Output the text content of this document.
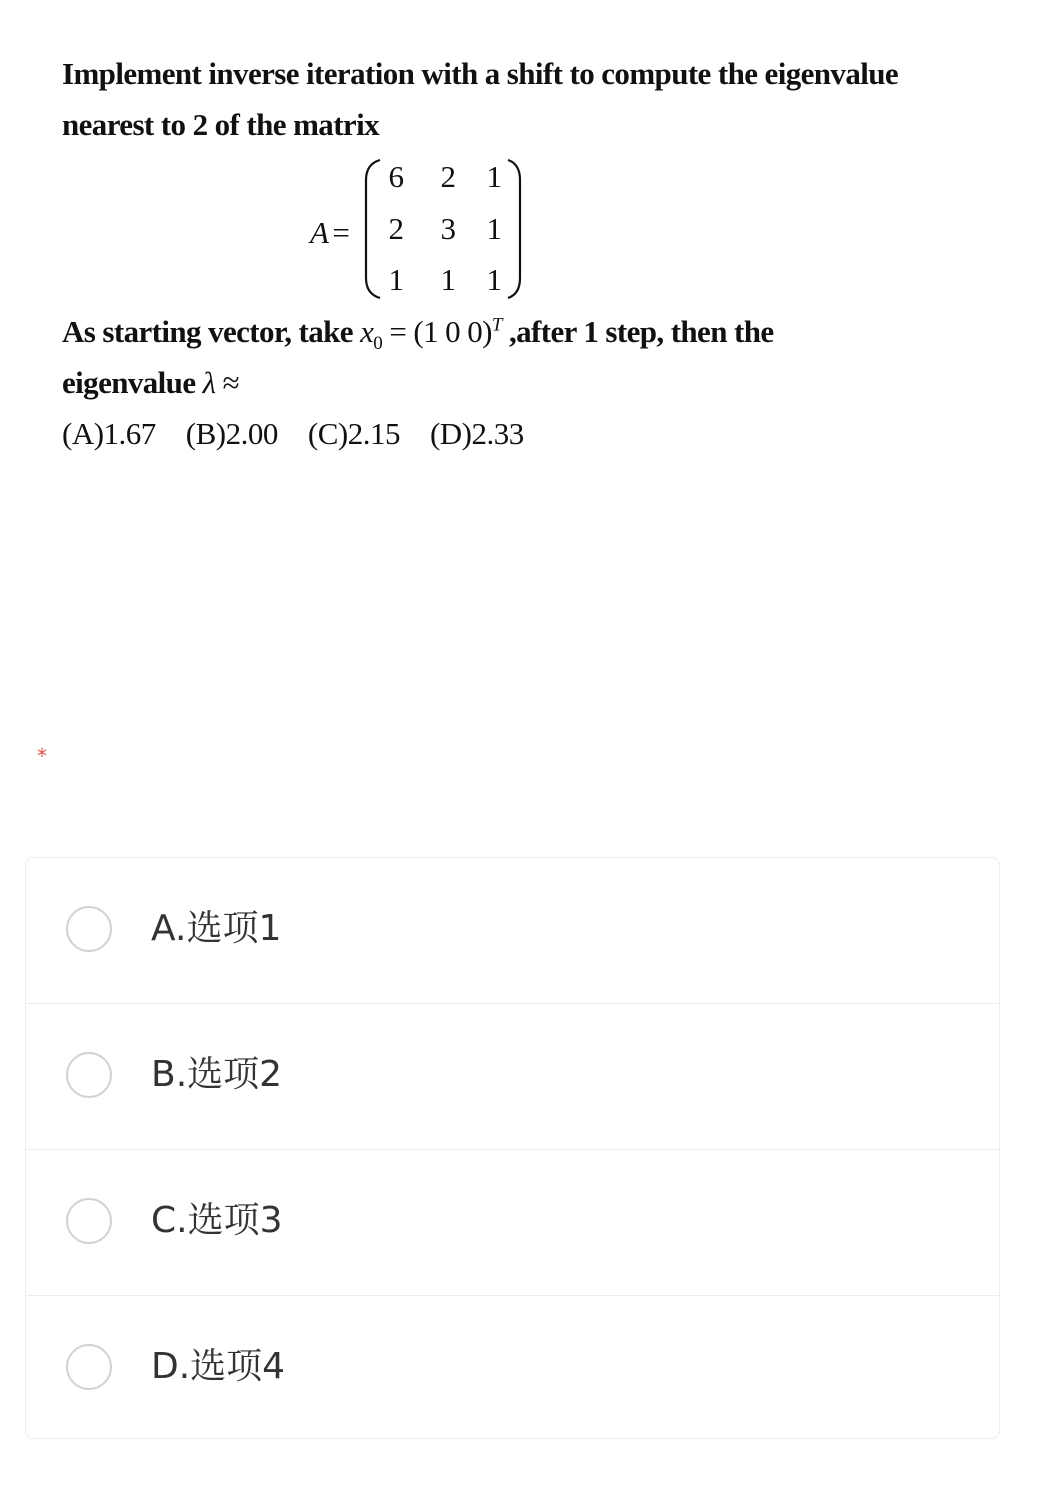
Implement inverse iteration with a shift to compute the eigenvalue
nearest to 2 of the matrix
A =
6 2 1
2 3 1
1 1 1
As starting vector, take $x_0 = (1$ 0 0)$^T$ ,after 1 step, then the
eigenvalue λ ≈
(A)1.67 (B)2.00 (C)2.15 (D)2.33
*
A.选项1
B.选项2
C.选项3
D.选项4
